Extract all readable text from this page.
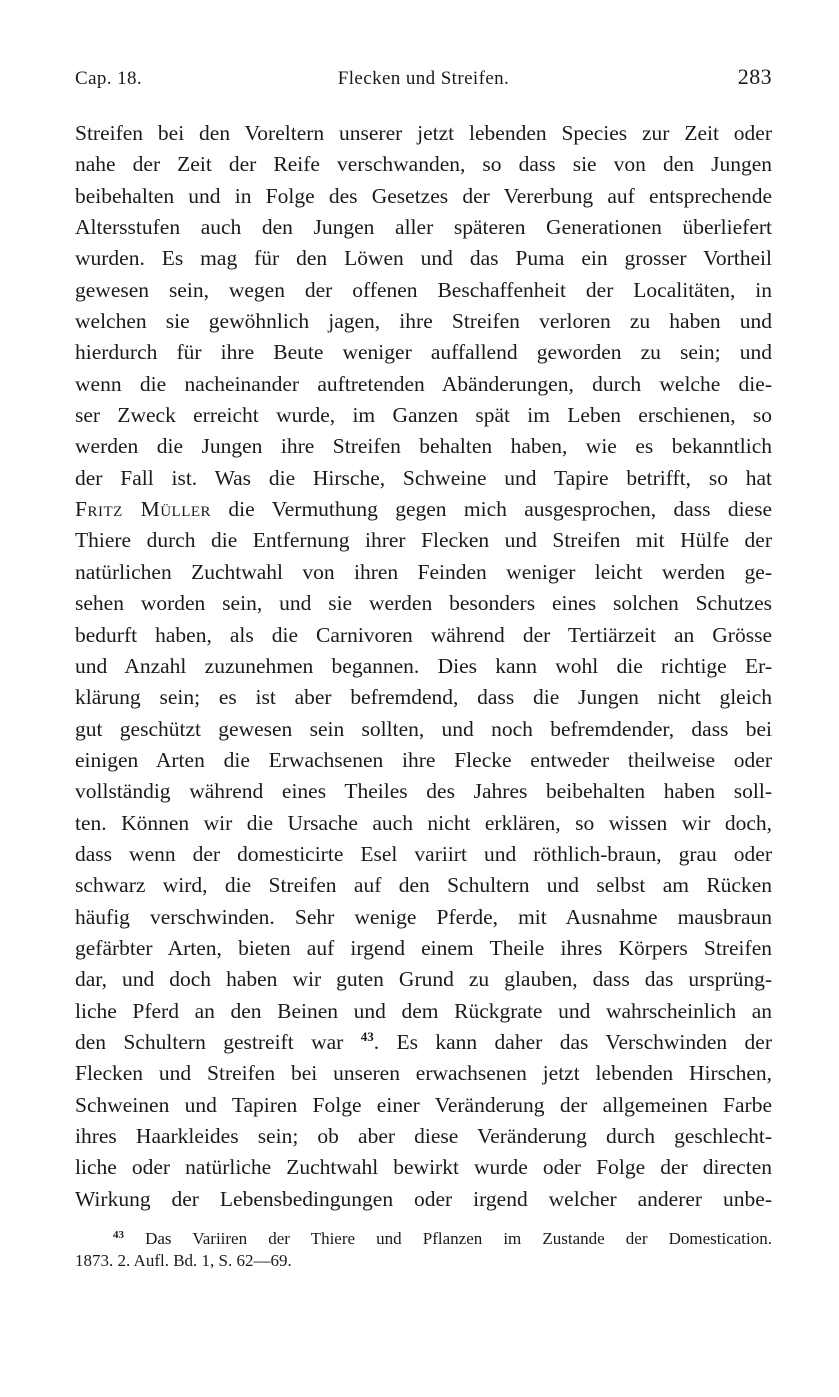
Cap. 18.	Flecken und Streifen.	283
Streifen bei den Voreltern unserer jetzt lebenden Species zur Zeit oder
nahe der Zeit der Reife verschwanden, so dass sie von den Jungen
beibehalten und in Folge des Gesetzes der Vererbung auf entsprechende
Altersstufen auch den Jungen aller späteren Generationen überliefert
wurden. Es mag für den Löwen und das Puma ein grosser Vortheil
gewesen sein, wegen der offenen Beschaffenheit der Localitäten, in
welchen sie gewöhnlich jagen, ihre Streifen verloren zu haben und
hierdurch für ihre Beute weniger auffallend geworden zu sein; und
wenn die nacheinander auftretenden Abänderungen, durch welche die-
ser Zweck erreicht wurde, im Ganzen spät im Leben erschienen, so
werden die Jungen ihre Streifen behalten haben, wie es bekanntlich
der Fall ist. Was die Hirsche, Schweine und Tapire betrifft, so hat
Fritz Müller die Vermuthung gegen mich ausgesprochen, dass diese
Thiere durch die Entfernung ihrer Flecken und Streifen mit Hülfe der
natürlichen Zuchtwahl von ihren Feinden weniger leicht werden ge-
sehen worden sein, und sie werden besonders eines solchen Schutzes
bedurft haben, als die Carnivoren während der Tertiärzeit an Grösse
und Anzahl zuzunehmen begannen. Dies kann wohl die richtige Er-
klärung sein; es ist aber befremdend, dass die Jungen nicht gleich
gut geschützt gewesen sein sollten, und noch befremdender, dass bei
einigen Arten die Erwachsenen ihre Flecke entweder theilweise oder
vollständig während eines Theiles des Jahres beibehalten haben soll-
ten. Können wir die Ursache auch nicht erklären, so wissen wir doch,
dass wenn der domesticirte Esel variirt und röthlich-braun, grau oder
schwarz wird, die Streifen auf den Schultern und selbst am Rücken
häufig verschwinden. Sehr wenige Pferde, mit Ausnahme mausbraun
gefärbter Arten, bieten auf irgend einem Theile ihres Körpers Streifen
dar, und doch haben wir guten Grund zu glauben, dass das ursprüng-
liche Pferd an den Beinen und dem Rückgrate und wahrscheinlich an
den Schultern gestreift war $^{43}$. Es kann daher das Verschwinden der
Flecken und Streifen bei unseren erwachsenen jetzt lebenden Hirschen,
Schweinen und Tapiren Folge einer Veränderung der allgemeinen Farbe
ihres Haarkleides sein; ob aber diese Veränderung durch geschlecht-
liche oder natürliche Zuchtwahl bewirkt wurde oder Folge der directen
Wirkung der Lebensbedingungen oder irgend welcher anderer unbe-
$^{43}$ Das Variiren der Thiere und Pflanzen im Zustande der Domestication.
1873. 2. Aufl. Bd. 1, S. 62—69.
